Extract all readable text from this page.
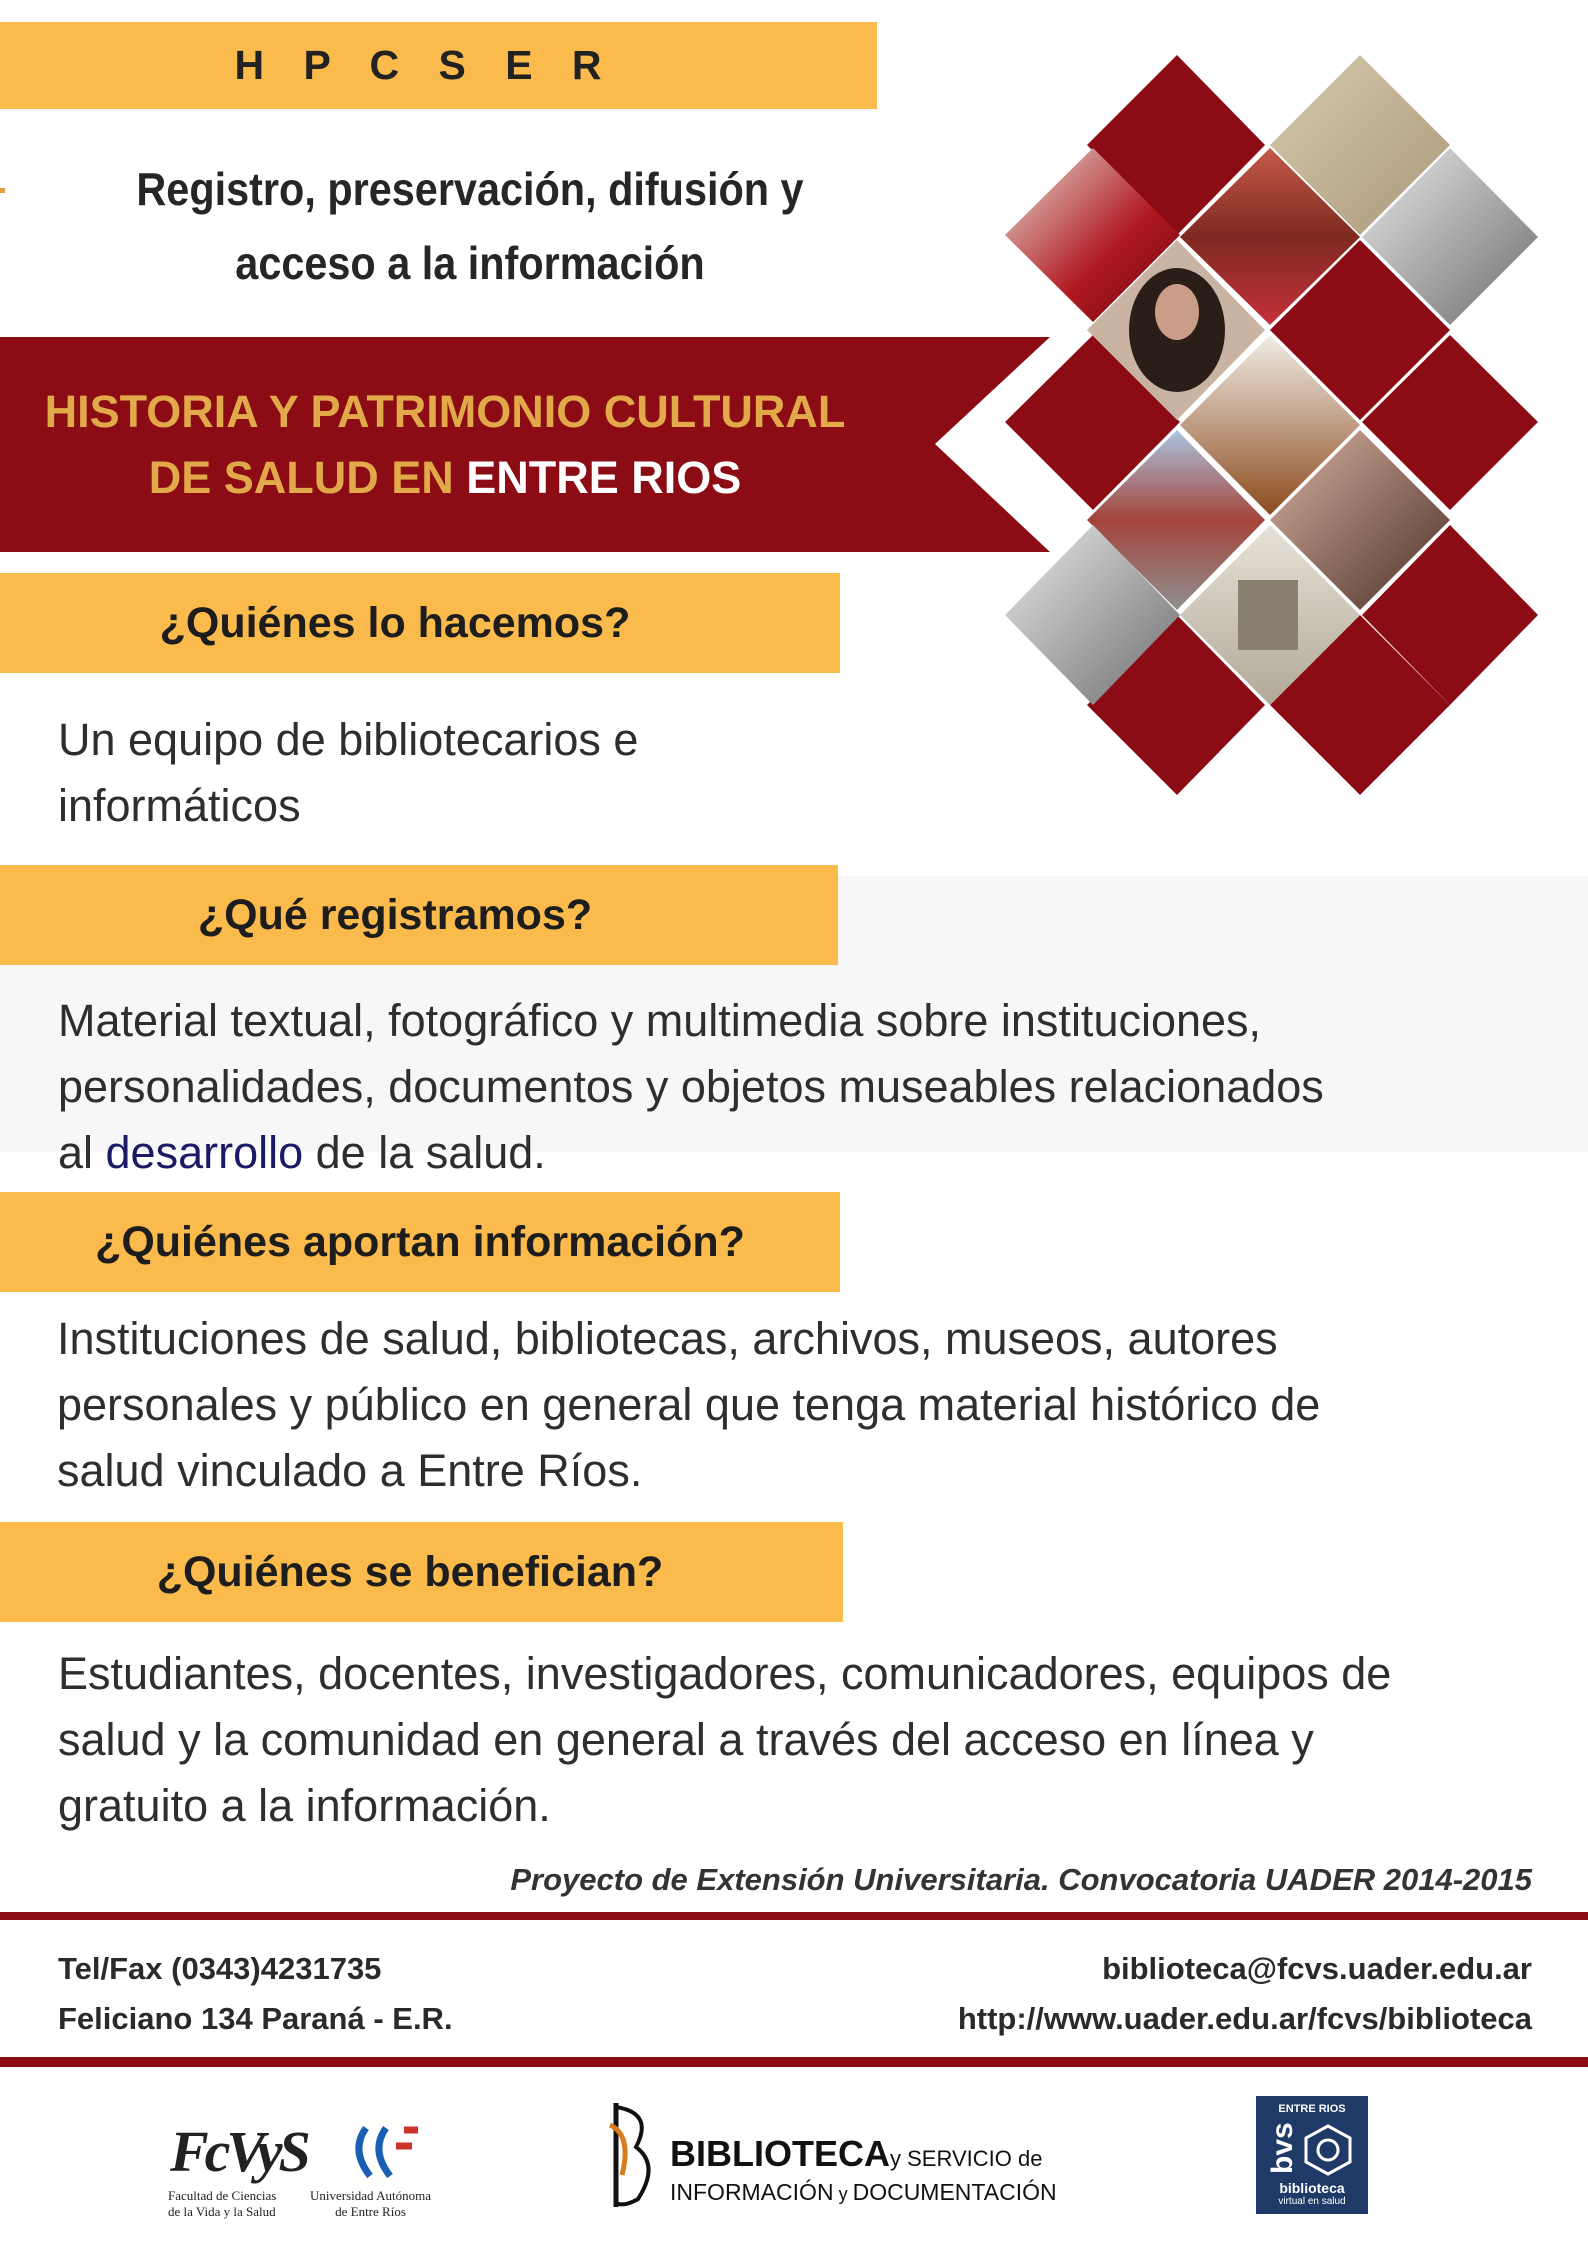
H P C S E R
Registro, preservación, difusión y
acceso a la información
HISTORIA Y PATRIMONIO CULTURAL
DE SALUD EN ENTRE RIOS
¿Quiénes lo hacemos?
Un equipo de bibliotecarios e
informáticos
¿Qué registramos?
Material textual, fotográfico y multimedia sobre instituciones,
personalidades, documentos y objetos museables relacionados
al desarrollo de la salud.
¿Quiénes aportan información?
Instituciones de salud, bibliotecas, archivos, museos, autores
personales y público en general que tenga material histórico de
salud vinculado a Entre Ríos.
¿Quiénes se benefician?
Estudiantes, docentes, investigadores, comunicadores, equipos de
salud y la comunidad en general a través del acceso en línea y
gratuito a la información.
Proyecto de Extensión Universitaria. Convocatoria UADER 2014-2015
Tel/Fax (0343)4231735
Feliciano 134 Paraná - E.R.
biblioteca@fcvs.uader.edu.ar
http://www.uader.edu.ar/fcvs/biblioteca
FcVyS
Facultad de Ciencias
de la Vida y la Salud
Universidad Autónoma
de Entre Ríos
BIBLIOTECAy SERVICIO de
INFORMACIÓN y DOCUMENTACIÓN
ENTRE RIOS
bvs
biblioteca
virtual en salud
